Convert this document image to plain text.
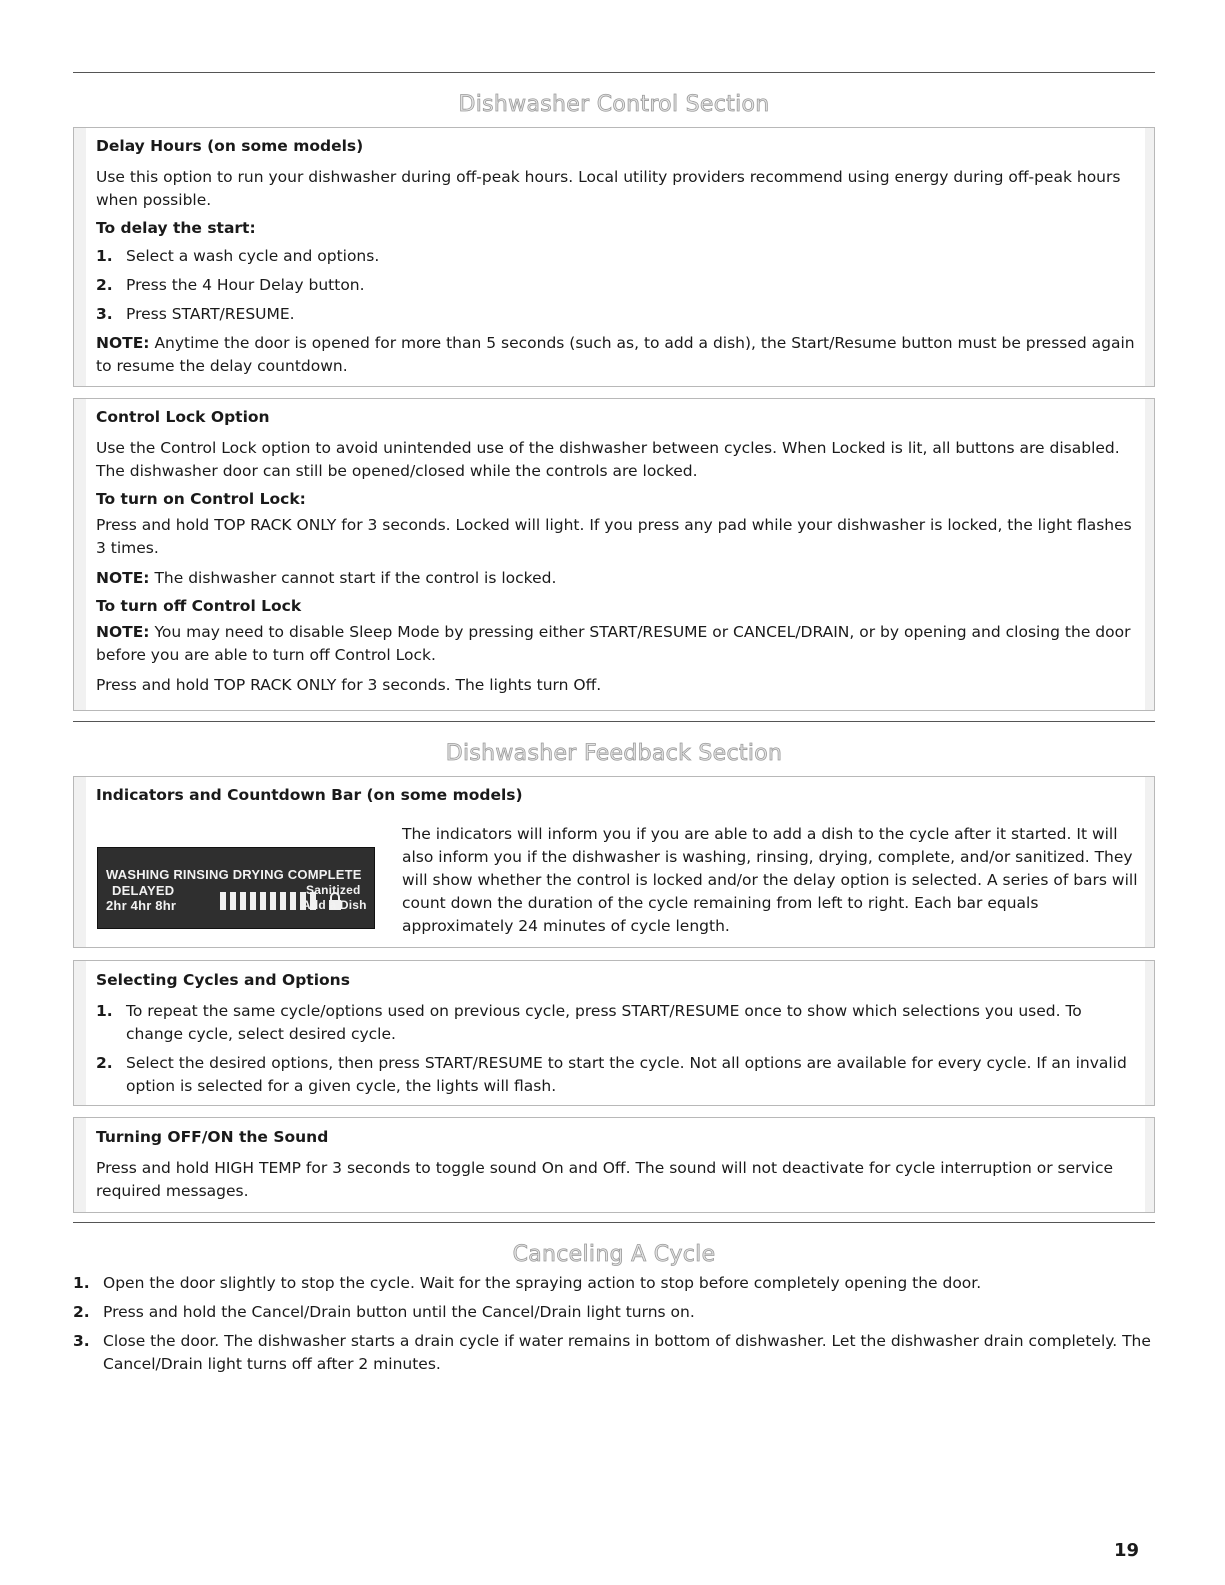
Dishwasher Control Section
Delay Hours (on some models)
Use this option to run your dishwasher during off-peak hours. Local utility providers recommend using energy during off-peak hours when possible.
To delay the start:
1. Select a wash cycle and options.
2. Press the 4 Hour Delay button.
3. Press START/RESUME.
NOTE: Anytime the door is opened for more than 5 seconds (such as, to add a dish), the Start/Resume button must be pressed again to resume the delay countdown.
Control Lock Option
Use the Control Lock option to avoid unintended use of the dishwasher between cycles. When Locked is lit, all buttons are disabled. The dishwasher door can still be opened/closed while the controls are locked.
To turn on Control Lock:
Press and hold TOP RACK ONLY for 3 seconds. Locked will light. If you press any pad while your dishwasher is locked, the light flashes 3 times.
NOTE: The dishwasher cannot start if the control is locked.
To turn off Control Lock
NOTE: You may need to disable Sleep Mode by pressing either START/RESUME or CANCEL/DRAIN, or by opening and closing the door before you are able to turn off Control Lock.
Press and hold TOP RACK ONLY for 3 seconds. The lights turn Off.
Dishwasher Feedback Section
Indicators and Countdown Bar (on some models)
The indicators will inform you if you are able to add a dish to the cycle after it started. It will also inform you if the dishwasher is washing, rinsing, drying, complete, and/or sanitized. They will show whether the control is locked and/or the delay option is selected. A series of bars will count down the duration of the cycle remaining from left to right. Each bar equals approximately 24 minutes of cycle length.
WASHING RINSING DRYING COMPLETE
DELAYED
2hr 4hr 8hr
Sanitized
Add a Dish
Selecting Cycles and Options
1. To repeat the same cycle/options used on previous cycle, press START/RESUME once to show which selections you used. To change cycle, select desired cycle.
2. Select the desired options, then press START/RESUME to start the cycle. Not all options are available for every cycle. If an invalid option is selected for a given cycle, the lights will flash.
Turning OFF/ON the Sound
Press and hold HIGH TEMP for 3 seconds to toggle sound On and Off. The sound will not deactivate for cycle interruption or service required messages.
Canceling A Cycle
1. Open the door slightly to stop the cycle. Wait for the spraying action to stop before completely opening the door.
2. Press and hold the Cancel/Drain button until the Cancel/Drain light turns on.
3. Close the door. The dishwasher starts a drain cycle if water remains in bottom of dishwasher. Let the dishwasher drain completely. The Cancel/Drain light turns off after 2 minutes.
19
